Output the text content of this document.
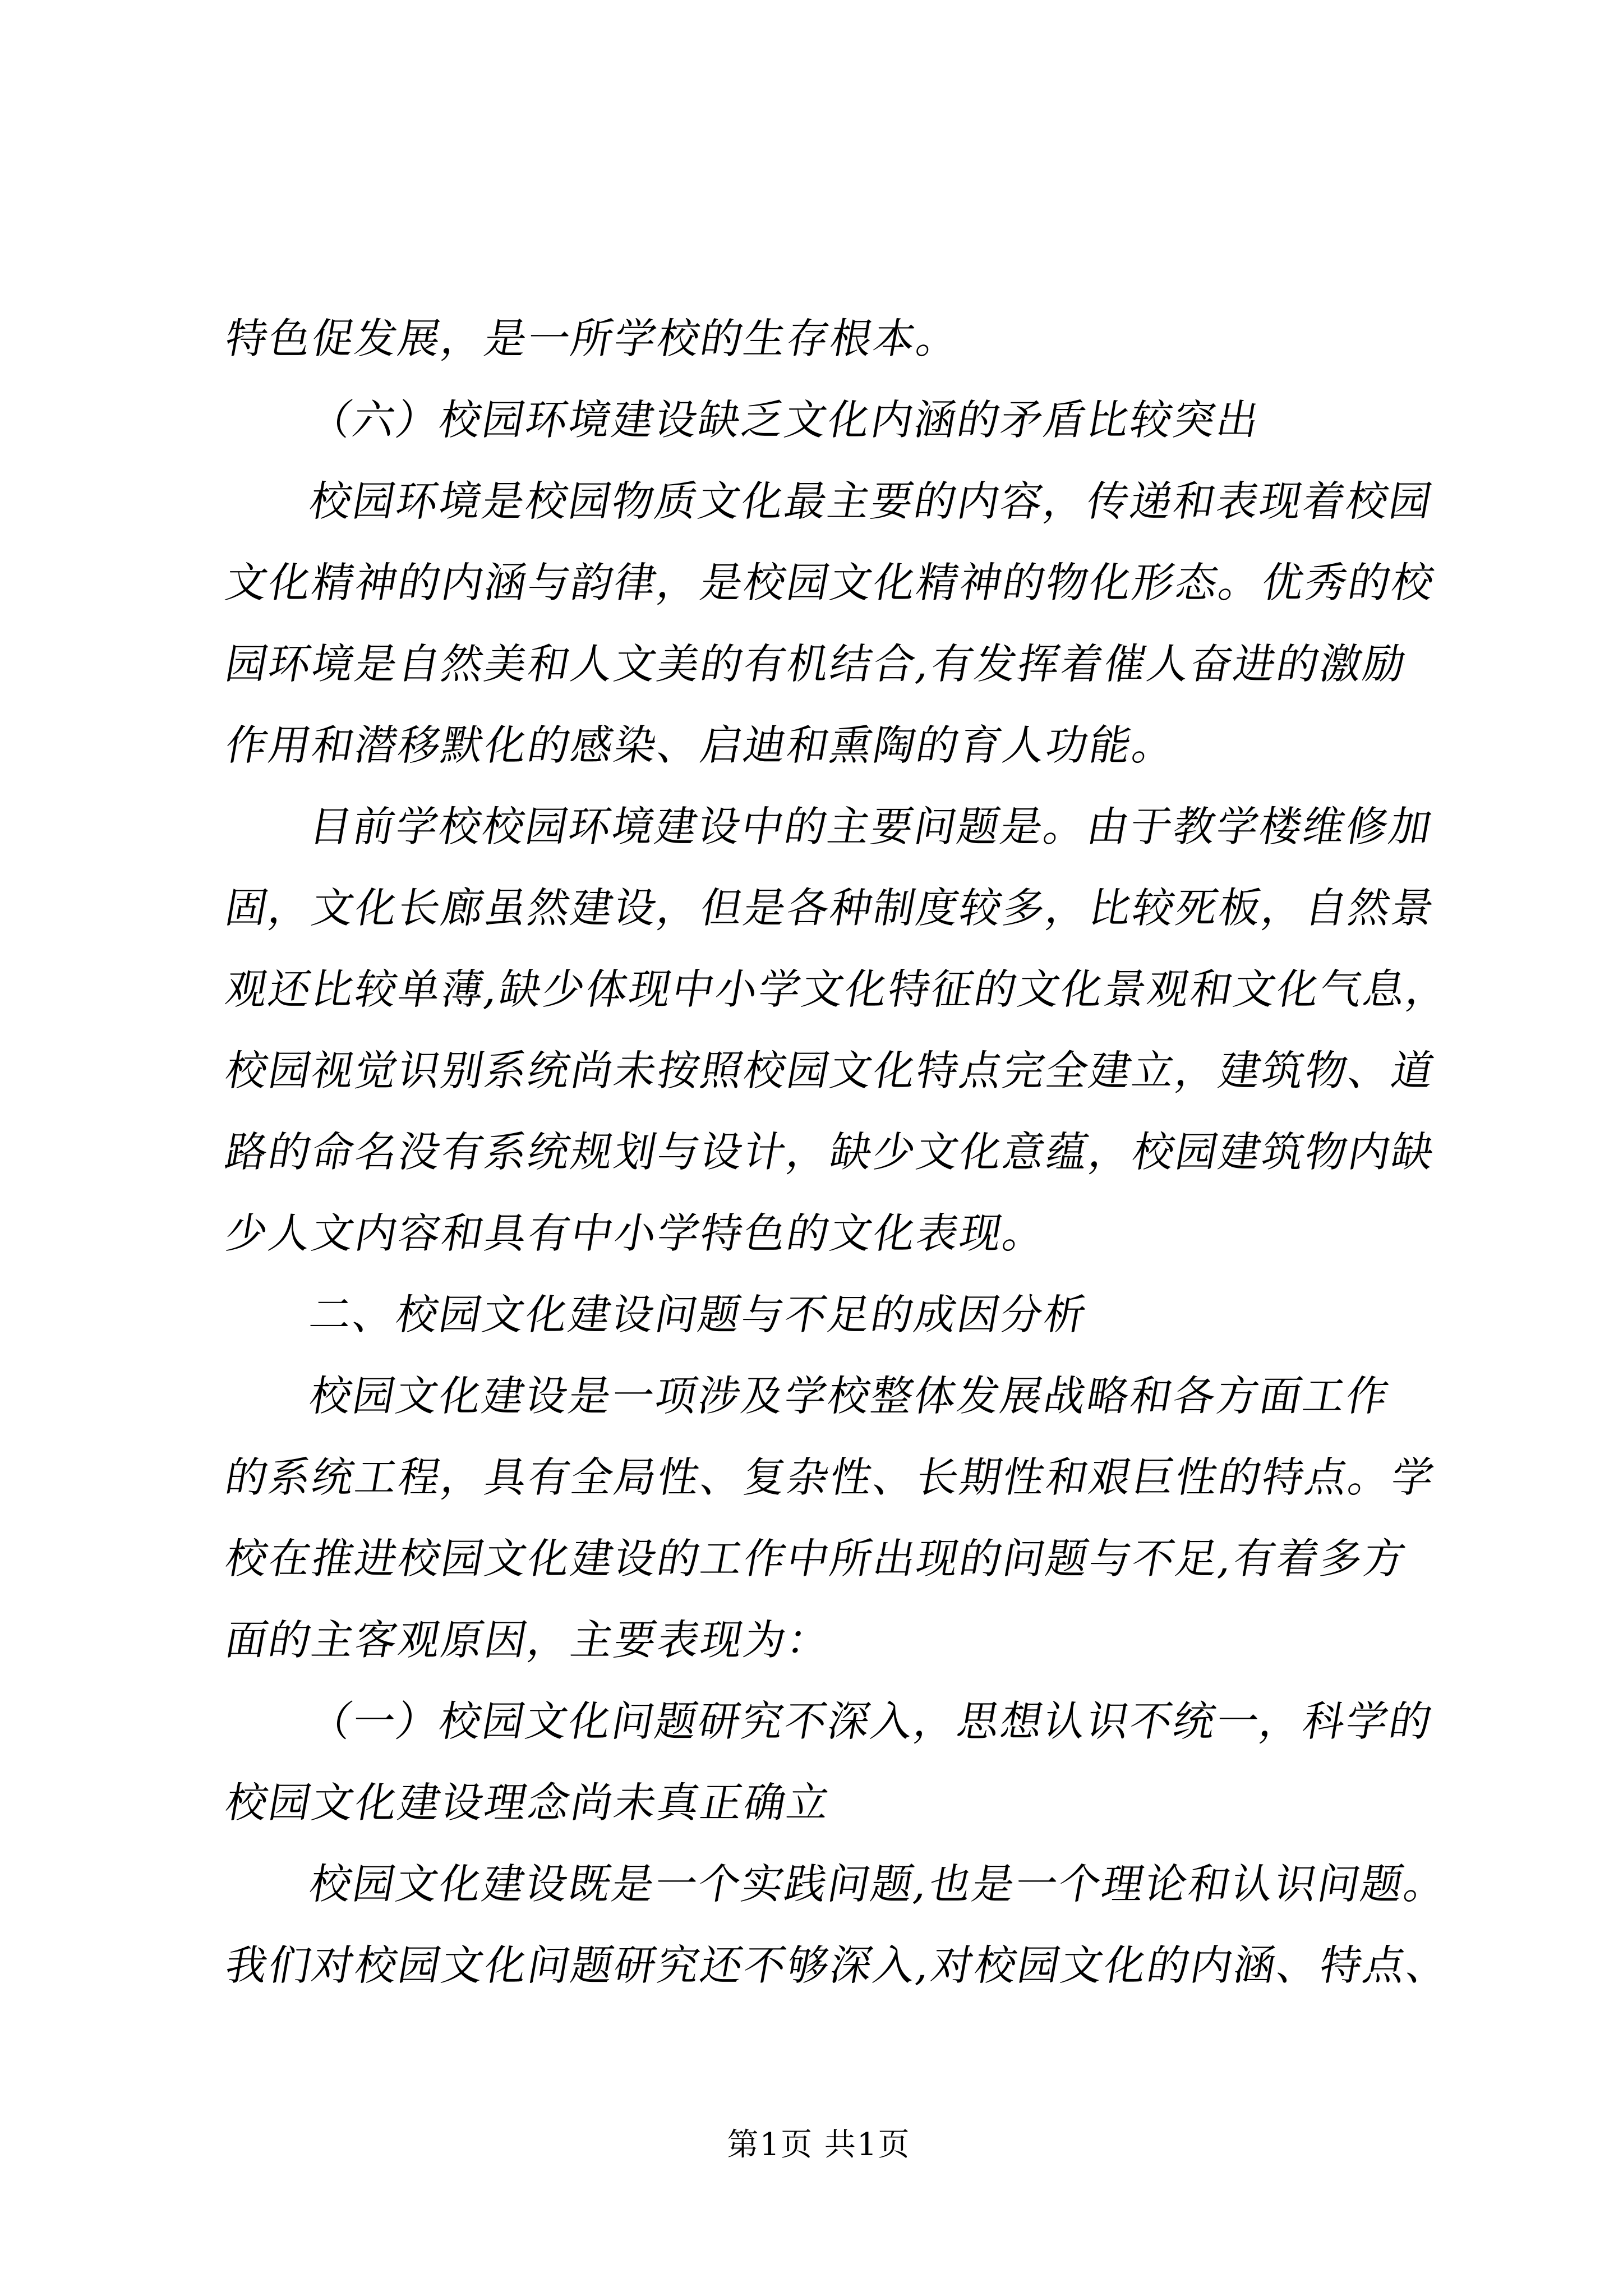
特色促发展，是一所学校的生存根本。
（六）校园环境建设缺乏文化内涵的矛盾比较突出
校园环境是校园物质文化最主要的内容，传递和表现着校园
文化精神的内涵与韵律，是校园文化精神的物化形态。优秀的校
园环境是自然美和人文美的有机结合,有发挥着催人奋进的激励
作用和潜移默化的感染、启迪和熏陶的育人功能。
目前学校校园环境建设中的主要问题是。由于教学楼维修加
固，文化长廊虽然建设，但是各种制度较多，比较死板，自然景
观还比较单薄,缺少体现中小学文化特征的文化景观和文化气息，
校园视觉识别系统尚未按照校园文化特点完全建立，建筑物、道
路的命名没有系统规划与设计，缺少文化意蕴，校园建筑物内缺
少人文内容和具有中小学特色的文化表现。
二、校园文化建设问题与不足的成因分析
校园文化建设是一项涉及学校整体发展战略和各方面工作
的系统工程，具有全局性、复杂性、长期性和艰巨性的特点。学
校在推进校园文化建设的工作中所出现的问题与不足,有着多方
面的主客观原因，主要表现为：
（一）校园文化问题研究不深入，思想认识不统一，科学的
校园文化建设理念尚未真正确立
校园文化建设既是一个实践问题,也是一个理论和认识问题。
我们对校园文化问题研究还不够深入,对校园文化的内涵、特点、
第1页 共1页
